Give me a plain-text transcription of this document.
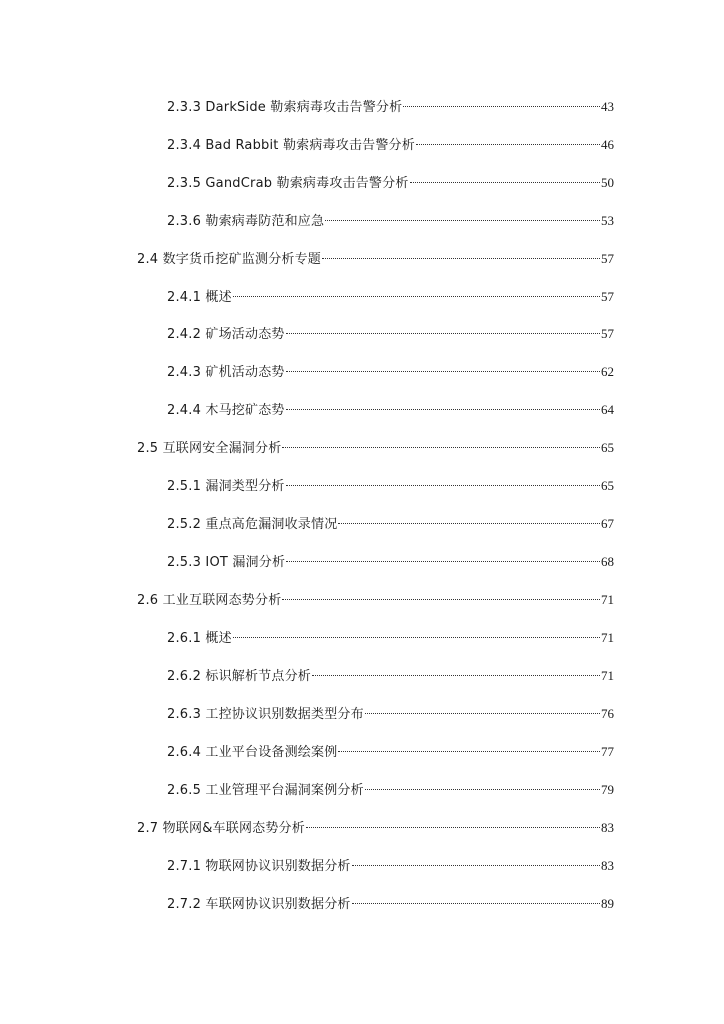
2.3.3 DarkSide 勒索病毒攻击告警分析	43
2.3.4 Bad Rabbit 勒索病毒攻击告警分析	46
2.3.5 GandCrab 勒索病毒攻击告警分析	50
2.3.6 勒索病毒防范和应急	53
2.4 数字货币挖矿监测分析专题	57
2.4.1 概述	57
2.4.2 矿场活动态势	57
2.4.3 矿机活动态势	62
2.4.4 木马挖矿态势	64
2.5 互联网安全漏洞分析	65
2.5.1 漏洞类型分析	65
2.5.2 重点高危漏洞收录情况	67
2.5.3 IOT 漏洞分析	68
2.6 工业互联网态势分析	71
2.6.1 概述	71
2.6.2 标识解析节点分析	71
2.6.3 工控协议识别数据类型分布	76
2.6.4 工业平台设备测绘案例	77
2.6.5 工业管理平台漏洞案例分析	79
2.7 物联网&车联网态势分析	83
2.7.1 物联网协议识别数据分析	83
2.7.2 车联网协议识别数据分析	89
